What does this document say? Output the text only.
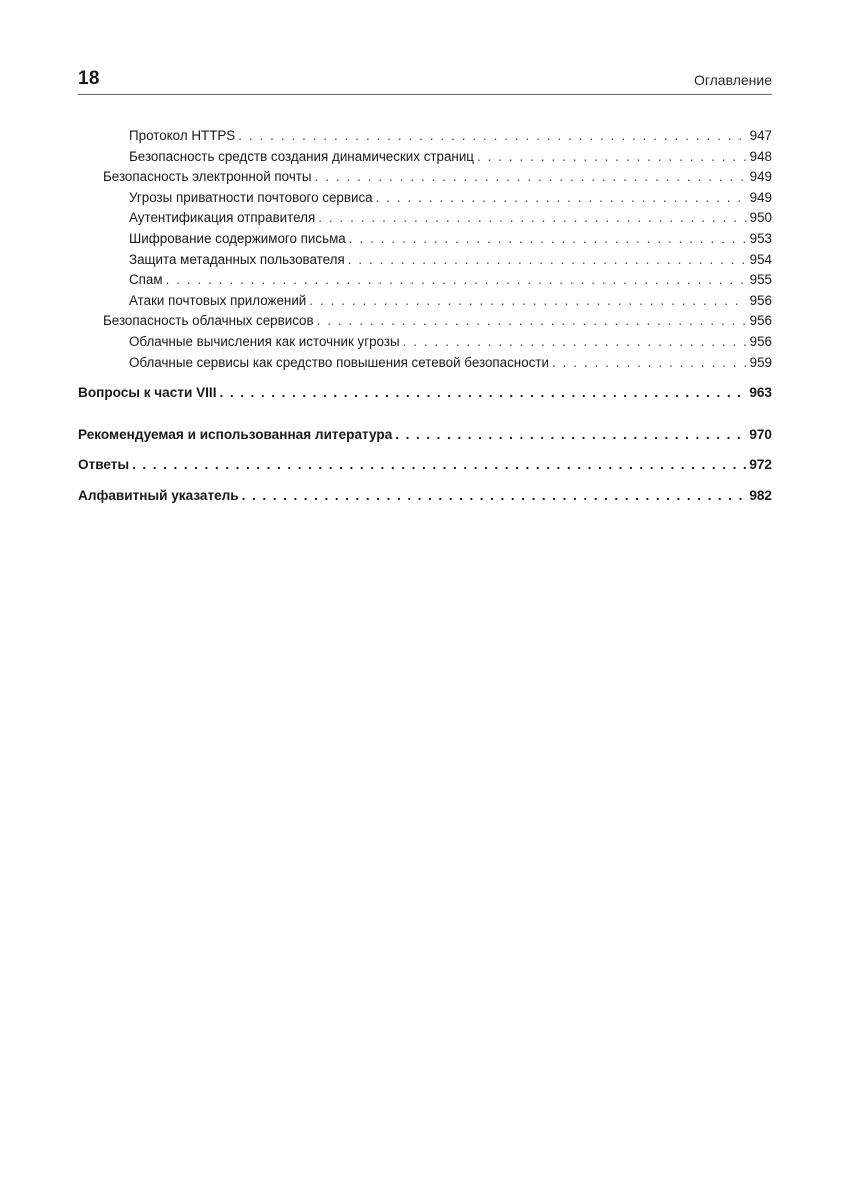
18	Оглавление
Протокол HTTPS . . .	947
Безопасность средств создания динамических страниц . . .	948
Безопасность электронной почты . . .	949
Угрозы приватности почтового сервиса . . .	949
Аутентификация отправителя . . .	950
Шифрование содержимого письма . . .	953
Защита метаданных пользователя . . .	954
Спам . . .	955
Атаки почтовых приложений . . .	956
Безопасность облачных сервисов . . .	956
Облачные вычисления как источник угрозы . . .	956
Облачные сервисы как средство повышения сетевой безопасности . . .	959
Вопросы к части VIII . . .	963
Рекомендуемая и использованная литература . . .	970
Ответы . . .	972
Алфавитный указатель . . .	982
